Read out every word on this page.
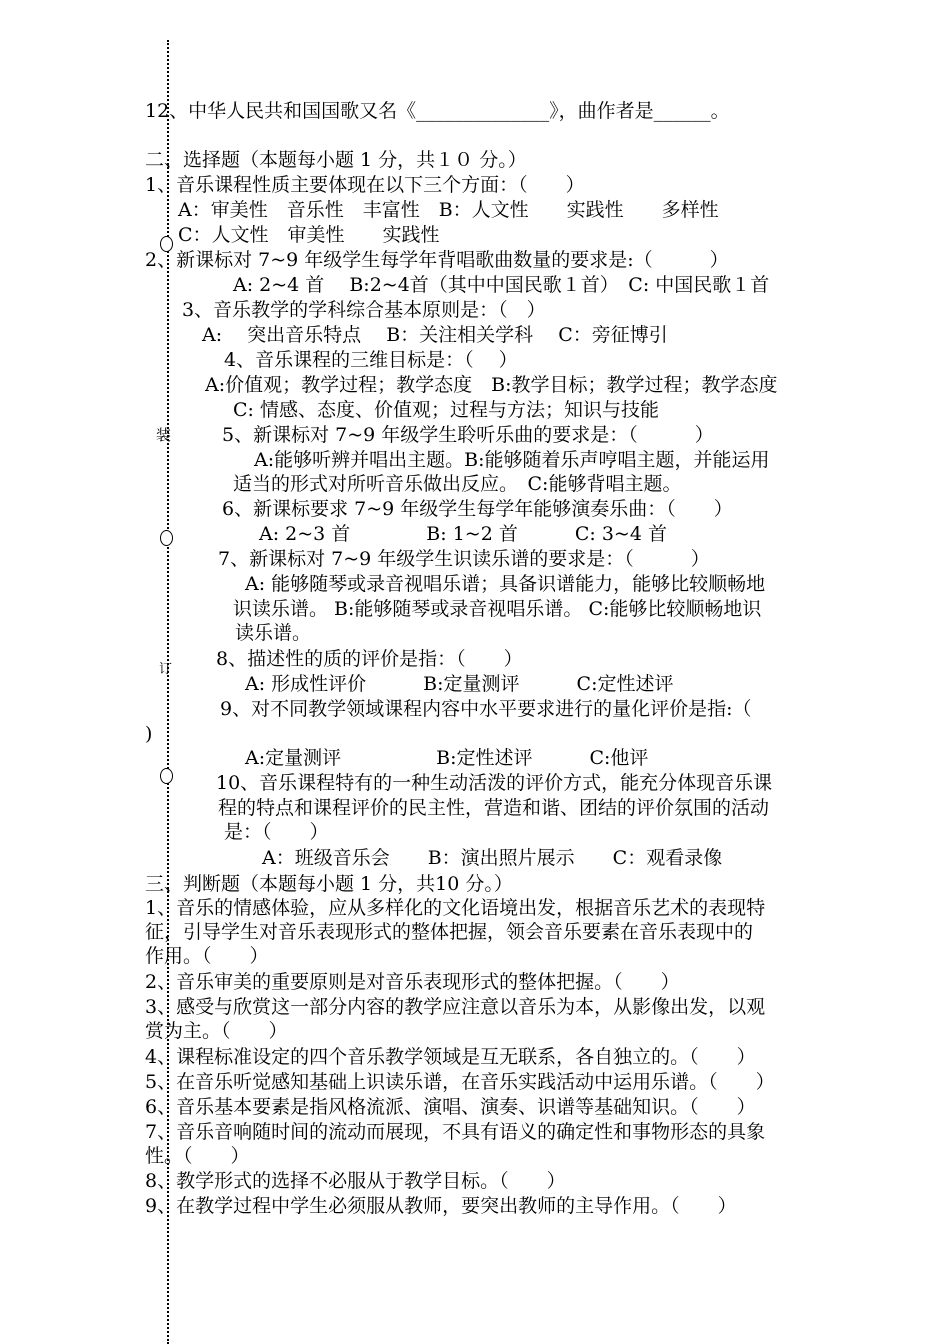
装
订
12、中华人民共和国国歌又名《______________》，曲作者是______。
二、选择题（本题每小题 1 分，共１０ 分。）
1、音乐课程性质主要体现在以下三个方面：（　　）
A：审美性　音乐性　丰富性　B：人文性　　实践性　　多样性
C：人文性　审美性　　实践性
2、新课标对 7~9 年级学生每学年背唱歌曲数量的要求是:（　　　）
A: 2~4 首　 B:2~4首（其中中国民歌１首）　C: 中国民歌１首
3、音乐教学的学科综合基本原则是：（　）
A:　 突出音乐特点　 B：关注相关学科　 C：旁征博引
4、音乐课程的三维目标是：（　 ）
A:价值观；教学过程；教学态度　B:教学目标；教学过程；教学态度
C: 情感、态度、价值观；过程与方法；知识与技能
5、新课标对 7~9 年级学生聆听乐曲的要求是：（　　　）
A:能够听辨并唱出主题。B:能够随着乐声哼唱主题，并能运用
适当的形式对所听音乐做出反应。　C:能够背唱主题。
6、新课标要求 7~9 年级学生每学年能够演奏乐曲：（　　）
A: 2~3 首　　　　B: 1~2 首　　　C: 3~4 首
7、新课标对 7~9 年级学生识读乐谱的要求是：（　　　）
A: 能够随琴或录音视唱乐谱；具备识谱能力，能够比较顺畅地
识读乐谱。 B:能够随琴或录音视唱乐谱。 C:能够比较顺畅地识
读乐谱。
8、描述性的质的评价是指：（　　）
A: 形成性评价　　　B:定量测评　　　C:定性述评
9、对不同教学领域课程内容中水平要求进行的量化评价是指:（
)
A:定量测评　　　　　B:定性述评　　　C:他评
10、音乐课程特有的一种生动活泼的评价方式，能充分体现音乐课
程的特点和课程评价的民主性，营造和谐、团结的评价氛围的活动
是：（　　）
A：班级音乐会　　B：演出照片展示　　C：观看录像
三、判断题（本题每小题 1 分，共10 分。）
1、音乐的情感体验，应从多样化的文化语境出发，根据音乐艺术的表现特
征，引导学生对音乐表现形式的整体把握，领会音乐要素在音乐表现中的
作用。（　　）
2、音乐审美的重要原则是对音乐表现形式的整体把握。（　　）
3、感受与欣赏这一部分内容的教学应注意以音乐为本，从影像出发，以观
赏为主。（　　）
4、课程标准设定的四个音乐教学领域是互无联系，各自独立的。（　　）
5、在音乐听觉感知基础上识读乐谱，在音乐实践活动中运用乐谱。（　　）
6、音乐基本要素是指风格流派、演唱、演奏、识谱等基础知识。（　　）
7、音乐音响随时间的流动而展现，不具有语义的确定性和事物形态的具象
性。（　　）
8、教学形式的选择不必服从于教学目标。（　　）
9、在教学过程中学生必须服从教师，要突出教师的主导作用。（　　）
